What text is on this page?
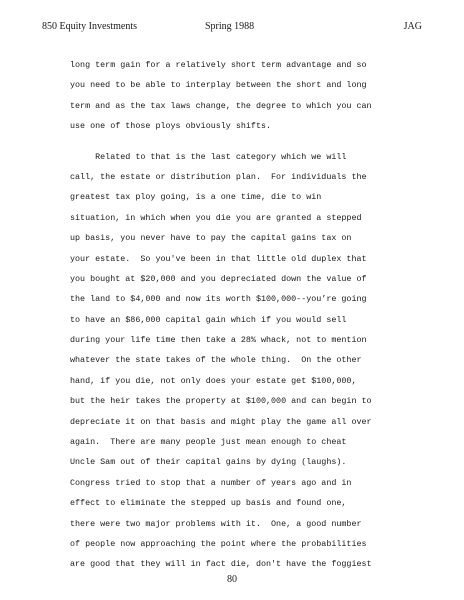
850 Equity Investments	Spring 1988	JAG
long term gain for a relatively short term advantage and so
you need to be able to interplay between the short and long
term and as the tax laws change, the degree to which you can
use one of those ploys obviously shifts.
Related to that is the last category which we will
call, the estate or distribution plan.  For individuals the
greatest tax ploy going, is a one time, die to win
situation, in which when you die you are granted a stepped
up basis, you never have to pay the capital gains tax on
your estate.  So you've been in that little old duplex that
you bought at $20,000 and you depreciated down the value of
the land to $4,000 and now its worth $100,000--you’re going
to have an $86,000 capital gain which if you would sell
during your life time then take a 28% whack, not to mention
whatever the state takes of the whole thing.  On the other
hand, if you die, not only does your estate get $100,000,
but the heir takes the property at $100,000 and can begin to
depreciate it on that basis and might play the game all over
again.  There are many people just mean enough to cheat
Uncle Sam out of their capital gains by dying (laughs).
Congress tried to stop that a number of years ago and in
effect to eliminate the stepped up basis and found one,
there were two major problems with it.  One, a good number
of people now approaching the point where the probabilities
are good that they will in fact die, don't have the foggiest
80
